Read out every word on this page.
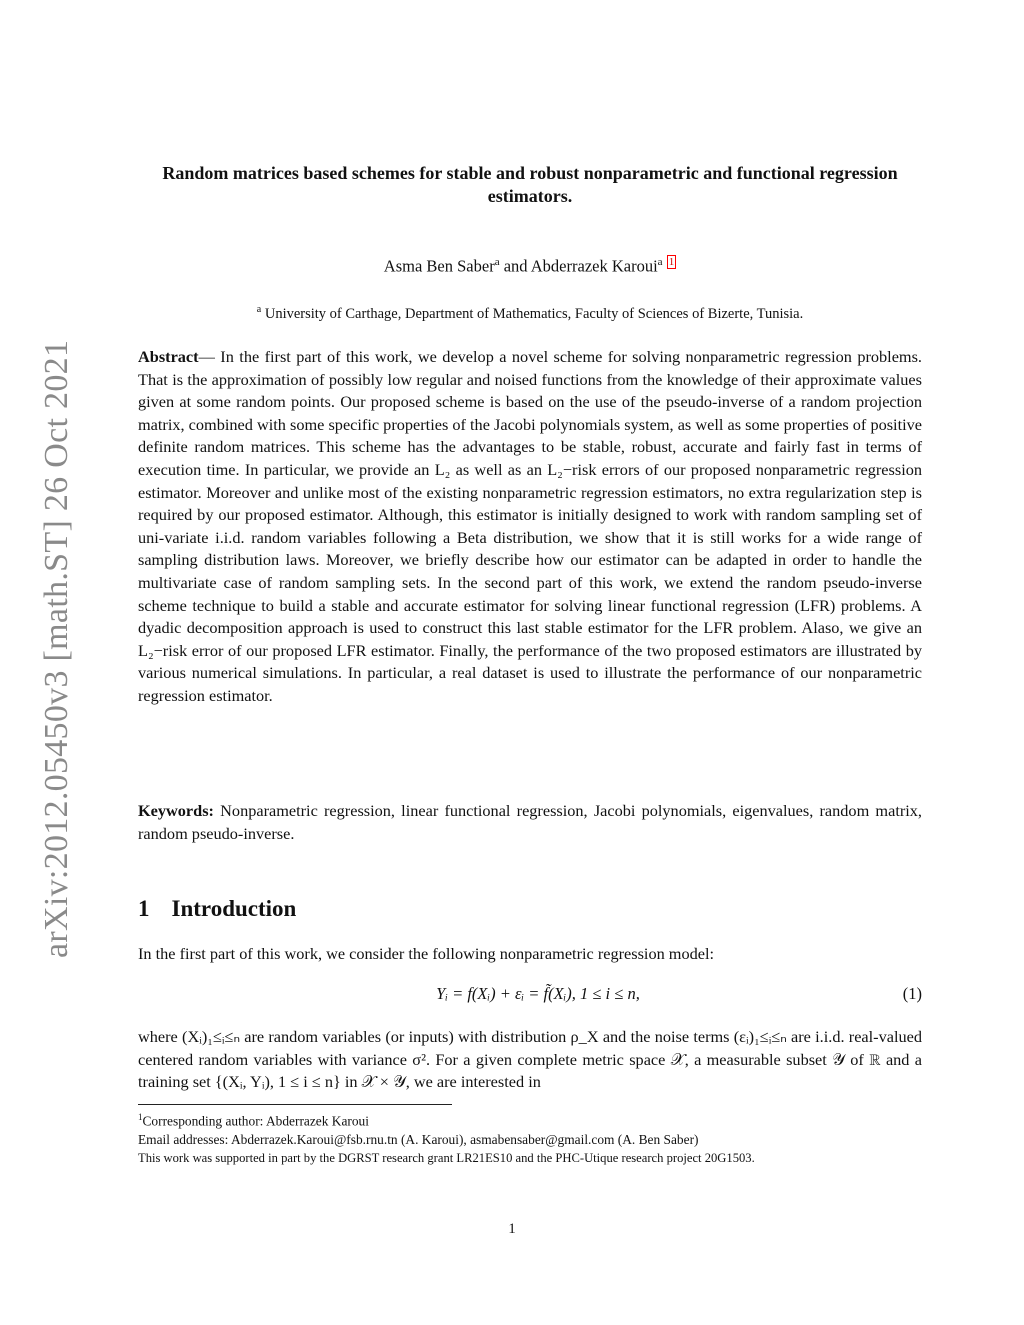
arXiv:2012.05450v3 [math.ST] 26 Oct 2021
Random matrices based schemes for stable and robust nonparametric and functional regression estimators.
Asma Ben Saber$^a$ and Abderrazek Karoui$^a$ $^1$
$^a$ University of Carthage, Department of Mathematics, Faculty of Sciences of Bizerte, Tunisia.
Abstract— In the first part of this work, we develop a novel scheme for solving nonparametric regression problems. That is the approximation of possibly low regular and noised functions from the knowledge of their approximate values given at some random points. Our proposed scheme is based on the use of the pseudo-inverse of a random projection matrix, combined with some specific properties of the Jacobi polynomials system, as well as some properties of positive definite random matrices. This scheme has the advantages to be stable, robust, accurate and fairly fast in terms of execution time. In particular, we provide an L₂ as well as an L₂−risk errors of our proposed nonparametric regression estimator. Moreover and unlike most of the existing nonparametric regression estimators, no extra regularization step is required by our proposed estimator. Although, this estimator is initially designed to work with random sampling set of uni-variate i.i.d. random variables following a Beta distribution, we show that it is still works for a wide range of sampling distribution laws. Moreover, we briefly describe how our estimator can be adapted in order to handle the multivariate case of random sampling sets. In the second part of this work, we extend the random pseudo-inverse scheme technique to build a stable and accurate estimator for solving linear functional regression (LFR) problems. A dyadic decomposition approach is used to construct this last stable estimator for the LFR problem. Alaso, we give an L₂−risk error of our proposed LFR estimator. Finally, the performance of the two proposed estimators are illustrated by various numerical simulations. In particular, a real dataset is used to illustrate the performance of our nonparametric regression estimator.
Keywords: Nonparametric regression, linear functional regression, Jacobi polynomials, eigenvalues, random matrix, random pseudo-inverse.
1 Introduction
In the first part of this work, we consider the following nonparametric regression model:
Yᵢ = f(Xᵢ) + εᵢ = f̃(Xᵢ), 1 ≤ i ≤ n,	(1)
where (Xᵢ)₁≤ᵢ≤ₙ are random variables (or inputs) with distribution ρ_X and the noise terms (εᵢ)₁≤ᵢ≤ₙ are i.i.d. real-valued centered random variables with variance σ². For a given complete metric space 𝒳, a measurable subset 𝒴 of ℝ and a training set {(Xᵢ, Yᵢ), 1 ≤ i ≤ n} in 𝒳 × 𝒴, we are interested in
$^1$Corresponding author: Abderrazek Karoui
Email addresses: Abderrazek.Karoui@fsb.rnu.tn (A. Karoui), asmabensaber@gmail.com (A. Ben Saber)
This work was supported in part by the DGRST research grant LR21ES10 and the PHC-Utique research project 20G1503.
1
